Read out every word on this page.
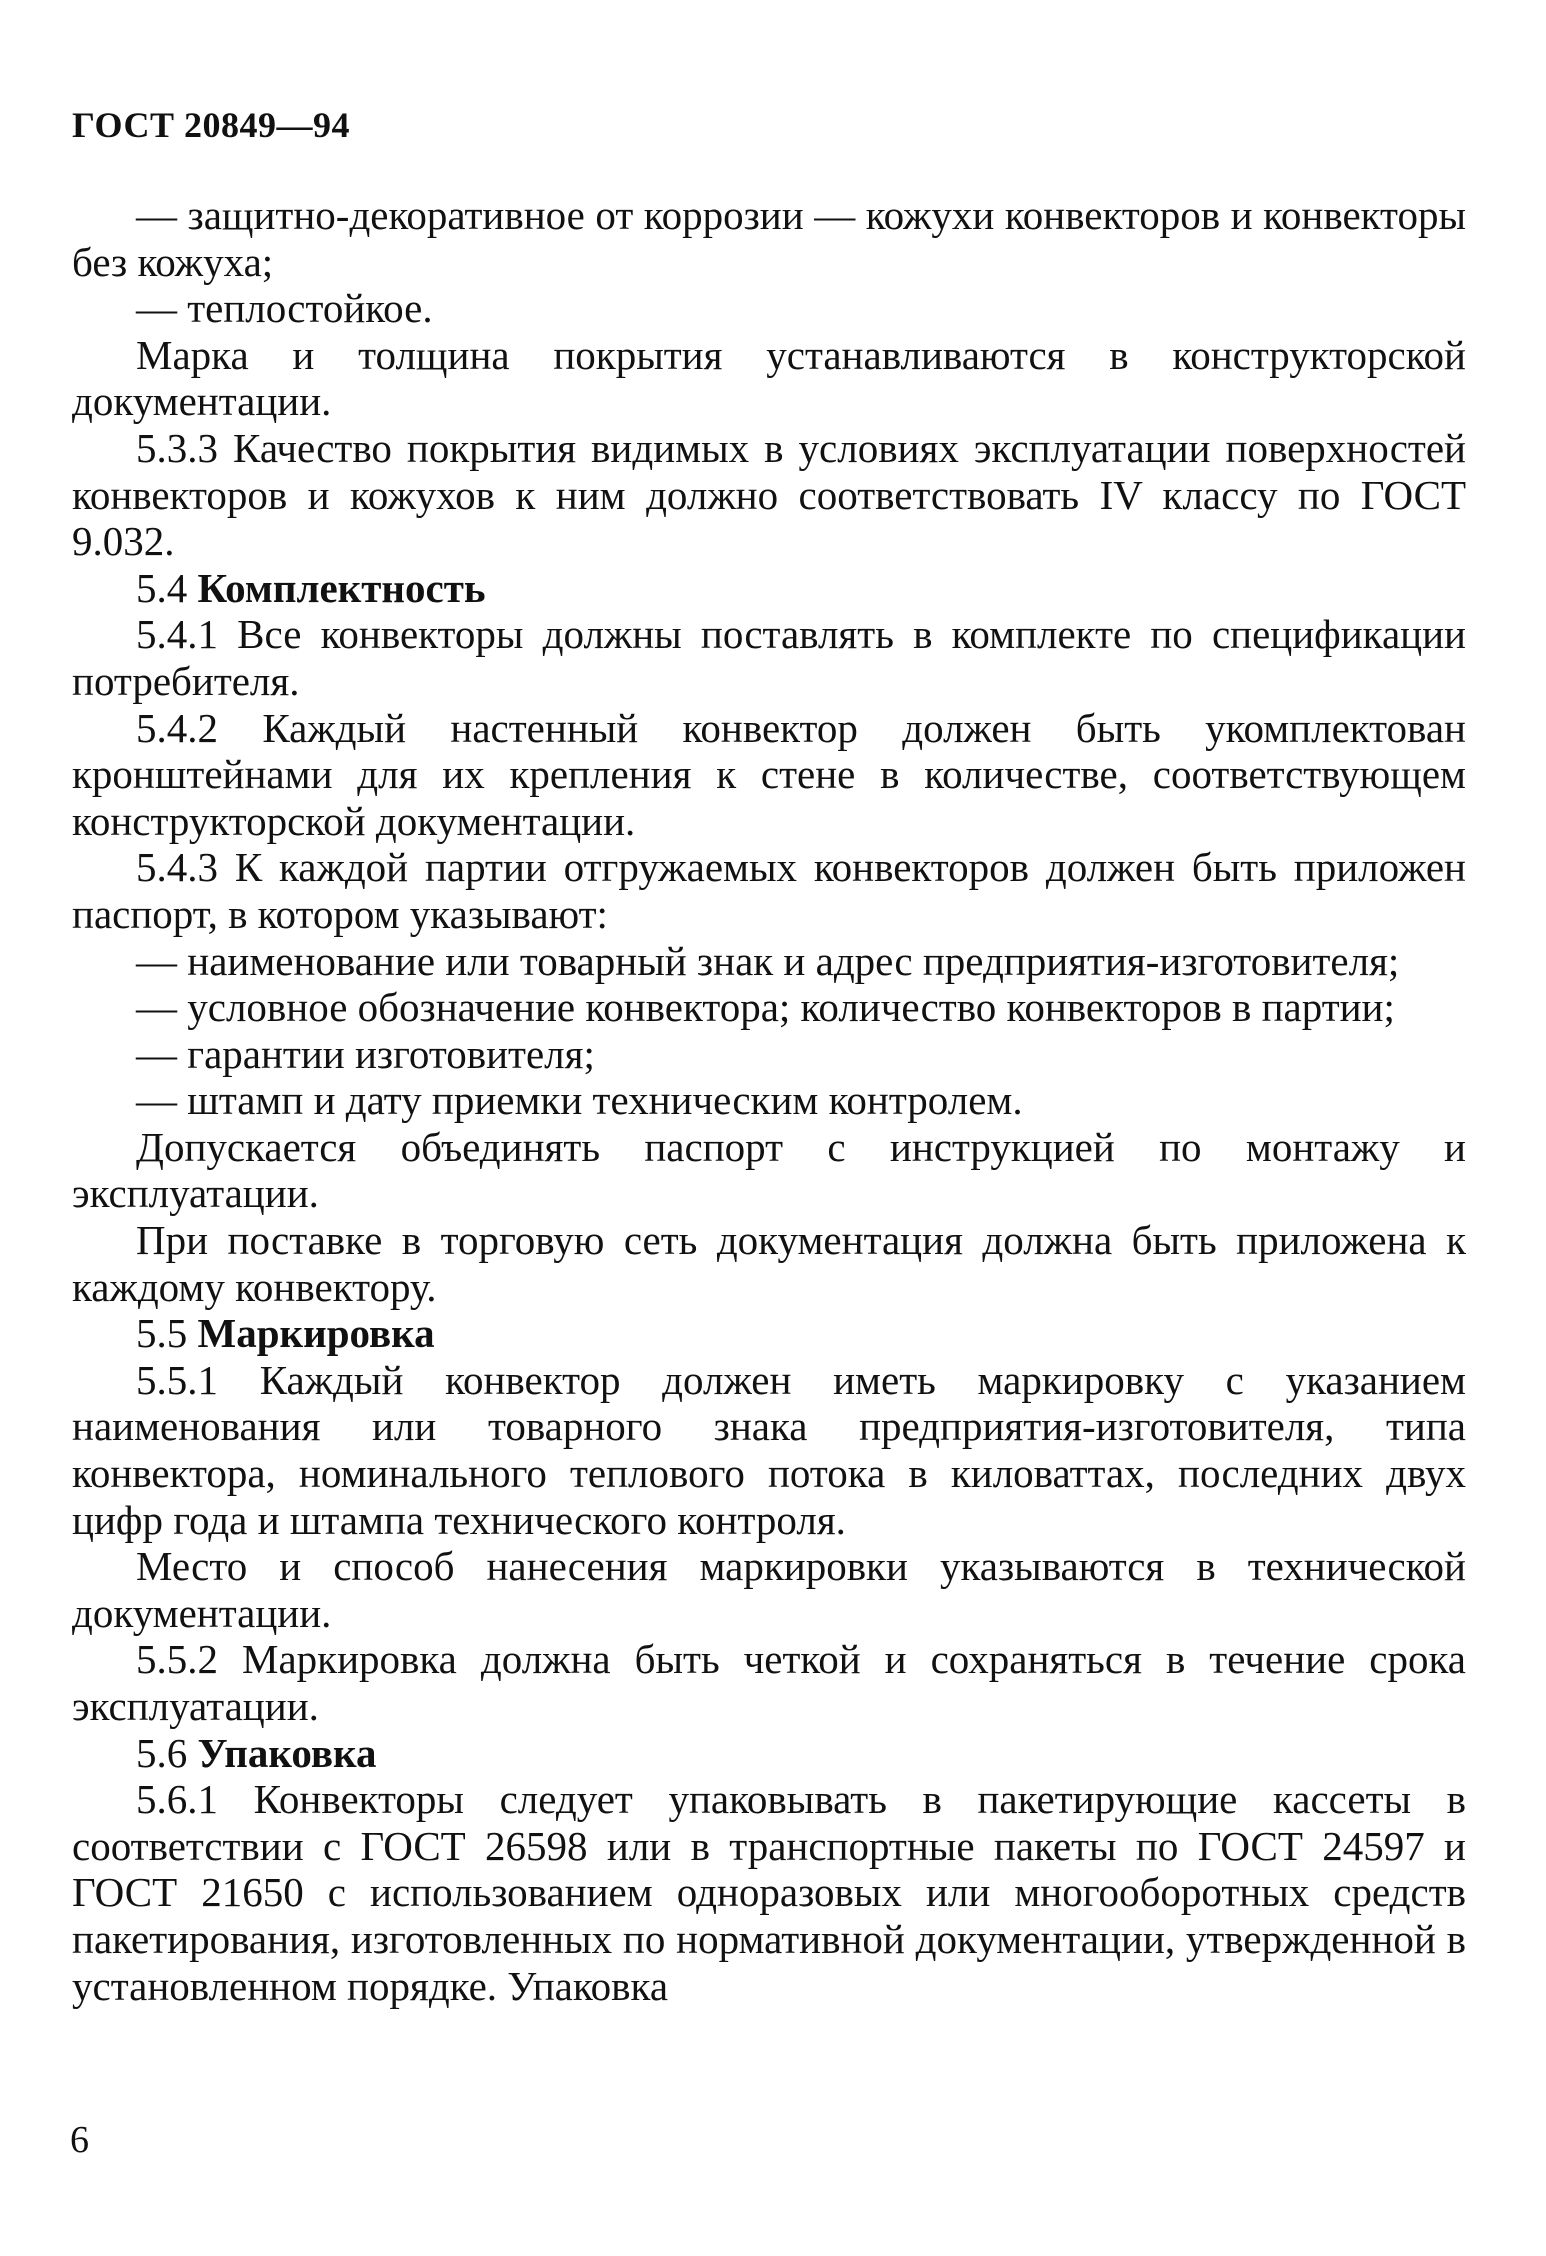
ГОСТ 20849—94

— защитно-декоративное от коррозии — кожухи конвекторов и конвекторы без кожуха;

— теплостойкое.

Марка и толщина покрытия устанавливаются в конструкторской документации.

5.3.3 Качество покрытия видимых в условиях эксплуатации поверхностей конвекторов и кожухов к ним должно соответствовать IV классу по ГОСТ 9.032.

5.4 Комплектность

5.4.1 Все конвекторы должны поставлять в комплекте по спецификации потребителя.

5.4.2 Каждый настенный конвектор должен быть укомплектован кронштейнами для их крепления к стене в количестве, соответствующем конструкторской документации.

5.4.3 К каждой партии отгружаемых конвекторов должен быть приложен паспорт, в котором указывают:

— наименование или товарный знак и адрес предприятия-изготовителя;

— условное обозначение конвектора; количество конвекторов в партии;

— гарантии изготовителя;

— штамп и дату приемки техническим контролем.

Допускается объединять паспорт с инструкцией по монтажу и эксплуатации.

При поставке в торговую сеть документация должна быть приложена к каждому конвектору.

5.5 Маркировка

5.5.1 Каждый конвектор должен иметь маркировку с указанием наименования или товарного знака предприятия-изготовителя, типа конвектора, номинального теплового потока в киловаттах, последних двух цифр года и штампа технического контроля.

Место и способ нанесения маркировки указываются в технической документации.

5.5.2 Маркировка должна быть четкой и сохраняться в течение срока эксплуатации.

5.6 Упаковка

5.6.1 Конвекторы следует упаковывать в пакетирующие кассеты в соответствии с ГОСТ 26598 или в транспортные пакеты по ГОСТ 24597 и ГОСТ 21650 с использованием одноразовых или многооборотных средств пакетирования, изготовленных по нормативной документации, утвержденной в установленном порядке. Упаковка

6
